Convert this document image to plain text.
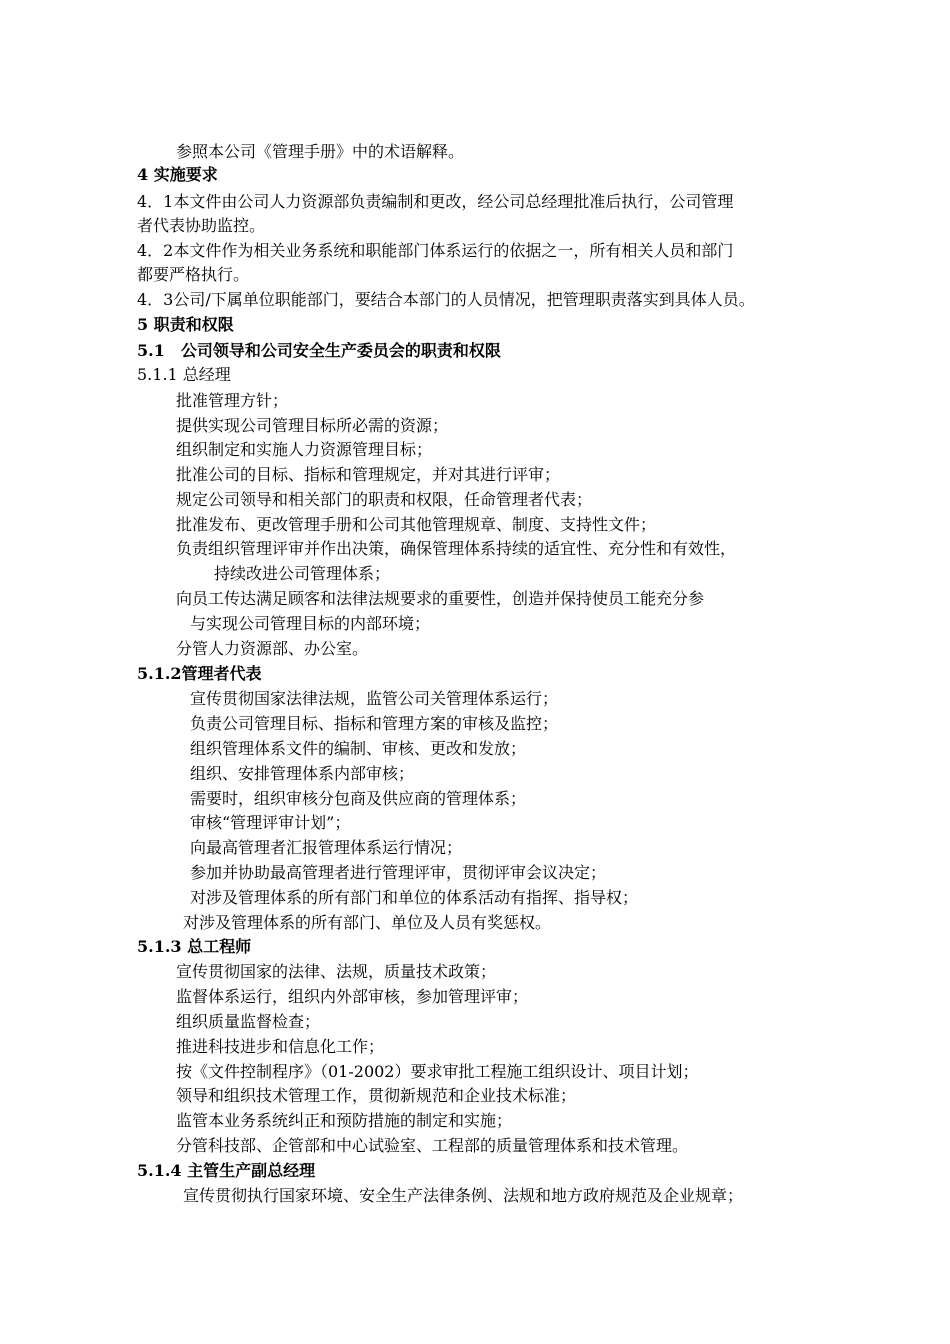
参照本公司《管理手册》中的术语解释。
4 实施要求
4．1本文件由公司人力资源部负责编制和更改，经公司总经理批准后执行，公司管理
者代表协助监控。
4．2本文件作为相关业务系统和职能部门体系运行的依据之一，所有相关人员和部门
都要严格执行。
4．3公司/下属单位职能部门，要结合本部门的人员情况，把管理职责落实到具体人员。
5 职责和权限
5.1　公司领导和公司安全生产委员会的职责和权限
5.1.1 总经理
批准管理方针；
提供实现公司管理目标所必需的资源；
组织制定和实施人力资源管理目标；
批准公司的目标、指标和管理规定，并对其进行评审；
规定公司领导和相关部门的职责和权限，任命管理者代表；
批准发布、更改管理手册和公司其他管理规章、制度、支持性文件；
负责组织管理评审并作出决策，确保管理体系持续的适宜性、充分性和有效性，
持续改进公司管理体系；
向员工传达满足顾客和法律法规要求的重要性，创造并保持使员工能充分参
与实现公司管理目标的内部环境；
分管人力资源部、办公室。
5.1.2管理者代表
宣传贯彻国家法律法规，监管公司关管理体系运行；
负责公司管理目标、指标和管理方案的审核及监控；
组织管理体系文件的编制、审核、更改和发放；
组织、安排管理体系内部审核；
需要时，组织审核分包商及供应商的管理体系；
审核“管理评审计划”；
向最高管理者汇报管理体系运行情况；
参加并协助最高管理者进行管理评审，贯彻评审会议决定；
对涉及管理体系的所有部门和单位的体系活动有指挥、指导权；
对涉及管理体系的所有部门、单位及人员有奖惩权。
5.1.3 总工程师
宣传贯彻国家的法律、法规，质量技术政策；
监督体系运行，组织内外部审核，参加管理评审；
组织质量监督检查；
推进科技进步和信息化工作；
按《文件控制程序》（01-2002）要求审批工程施工组织设计、项目计划；
领导和组织技术管理工作，贯彻新规范和企业技术标准；
监管本业务系统纠正和预防措施的制定和实施；
分管科技部、企管部和中心试验室、工程部的质量管理体系和技术管理。
5.1.4 主管生产副总经理
宣传贯彻执行国家环境、安全生产法律条例、法规和地方政府规范及企业规章；
